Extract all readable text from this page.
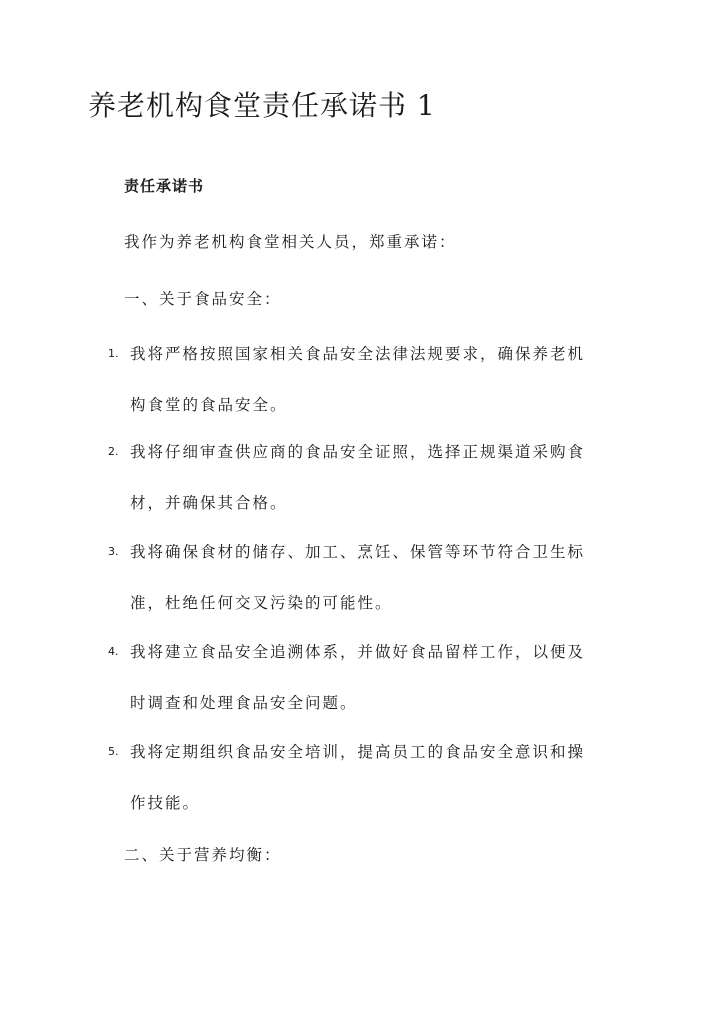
养老机构食堂责任承诺书 1
责任承诺书
我作为养老机构食堂相关人员，郑重承诺：
一、关于食品安全：
1. 我将严格按照国家相关食品安全法律法规要求，确保养老机
构食堂的食品安全。
2. 我将仔细审查供应商的食品安全证照，选择正规渠道采购食
材，并确保其合格。
3. 我将确保食材的储存、加工、烹饪、保管等环节符合卫生标
准，杜绝任何交叉污染的可能性。
4. 我将建立食品安全追溯体系，并做好食品留样工作，以便及
时调查和处理食品安全问题。
5. 我将定期组织食品安全培训，提高员工的食品安全意识和操
作技能。
二、关于营养均衡：
